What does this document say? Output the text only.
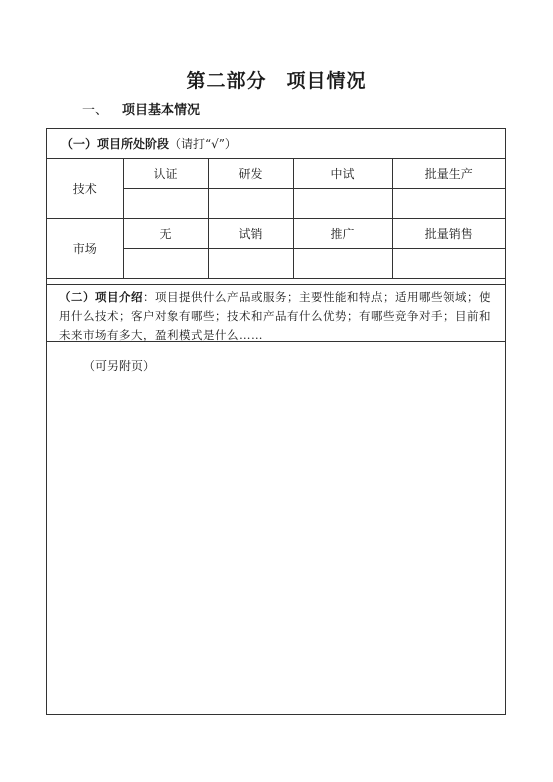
第二部分 项目情况
一、 项目基本情况
（一）项目所处阶段（请打“√”）
技术	认证	研发	中试	批量生产

市场	无	试销	推广	批量销售

（二）项目介绍：项目提供什么产品或服务；主要性能和特点；适用哪些领域；使用什么技术；客户对象有哪些；技术和产品有什么优势；有哪些竞争对手；目前和未来市场有多大，盈利模式是什么……
（可另附页）
